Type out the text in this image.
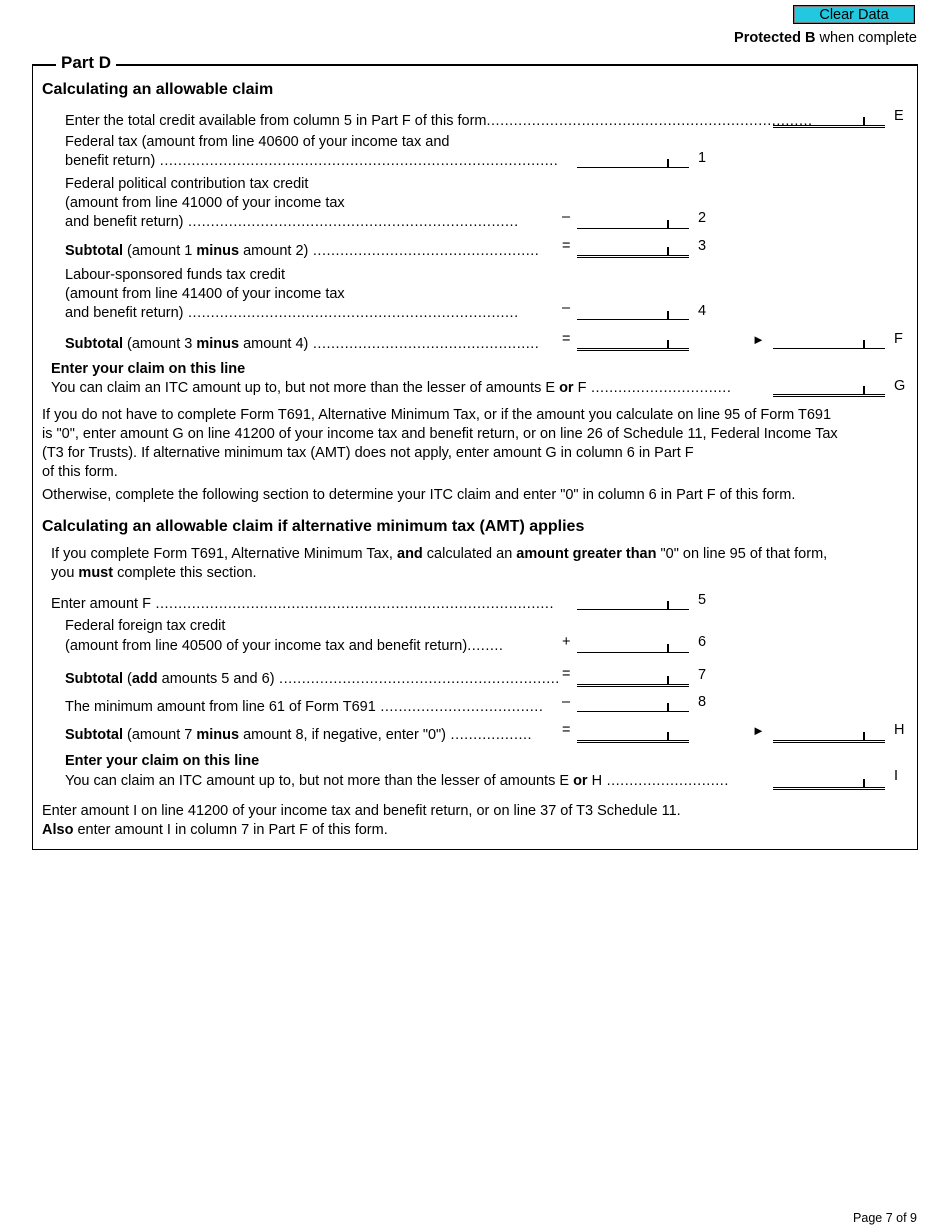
Clear Data
Protected B when complete
Part D
Calculating an allowable claim
Enter the total credit available from column 5 in Part F of this form........................................................................	E
Federal tax (amount from line 40600 of your income tax and
benefit return) ........................................................................................	1
Federal political contribution tax credit
(amount from line 41000 of your income tax
and benefit return) .........................................................................	–	2
Subtotal (amount 1 minus amount 2) ..................................................	=	3
Labour-sponsored funds tax credit
(amount from line 41400 of your income tax
and benefit return) .........................................................................	–	4
Subtotal (amount 3 minus amount 4) ..................................................	=	►	F
Enter your claim on this line
You can claim an ITC amount up to, but not more than the lesser of amounts E or F ...............................	G
If you do not have to complete Form T691, Alternative Minimum Tax, or if the amount you calculate on line 95 of Form T691
is "0", enter amount G on line 41200 of your income tax and benefit return, or on line 26 of Schedule 11, Federal Income Tax
(T3 for Trusts). If alternative minimum tax (AMT) does not apply, enter amount G in column 6 in Part F
of this form.
Otherwise, complete the following section to determine your ITC claim and enter "0" in column 6 in Part F of this form.
Calculating an allowable claim if alternative minimum tax (AMT) applies
If you complete Form T691, Alternative Minimum Tax, and calculated an amount greater than "0" on line 95 of that form,
you must complete this section.
Enter amount F ........................................................................................	5
Federal foreign tax credit
(amount from line 40500 of your income tax and benefit return)........	+	6
Subtotal (add amounts 5 and 6) .............................................................. =	7
The minimum amount from line 61 of Form T691 ....................................	–	8
Subtotal (amount 7 minus amount 8, if negative, enter "0") ..................	=	►	H
Enter your claim on this line
You can claim an ITC amount up to, but not more than the lesser of amounts E or H ...........................	I
Enter amount I on line 41200 of your income tax and benefit return, or on line 37 of T3 Schedule 11.
Also enter amount I in column 7 in Part F of this form.
Page 7 of 9
